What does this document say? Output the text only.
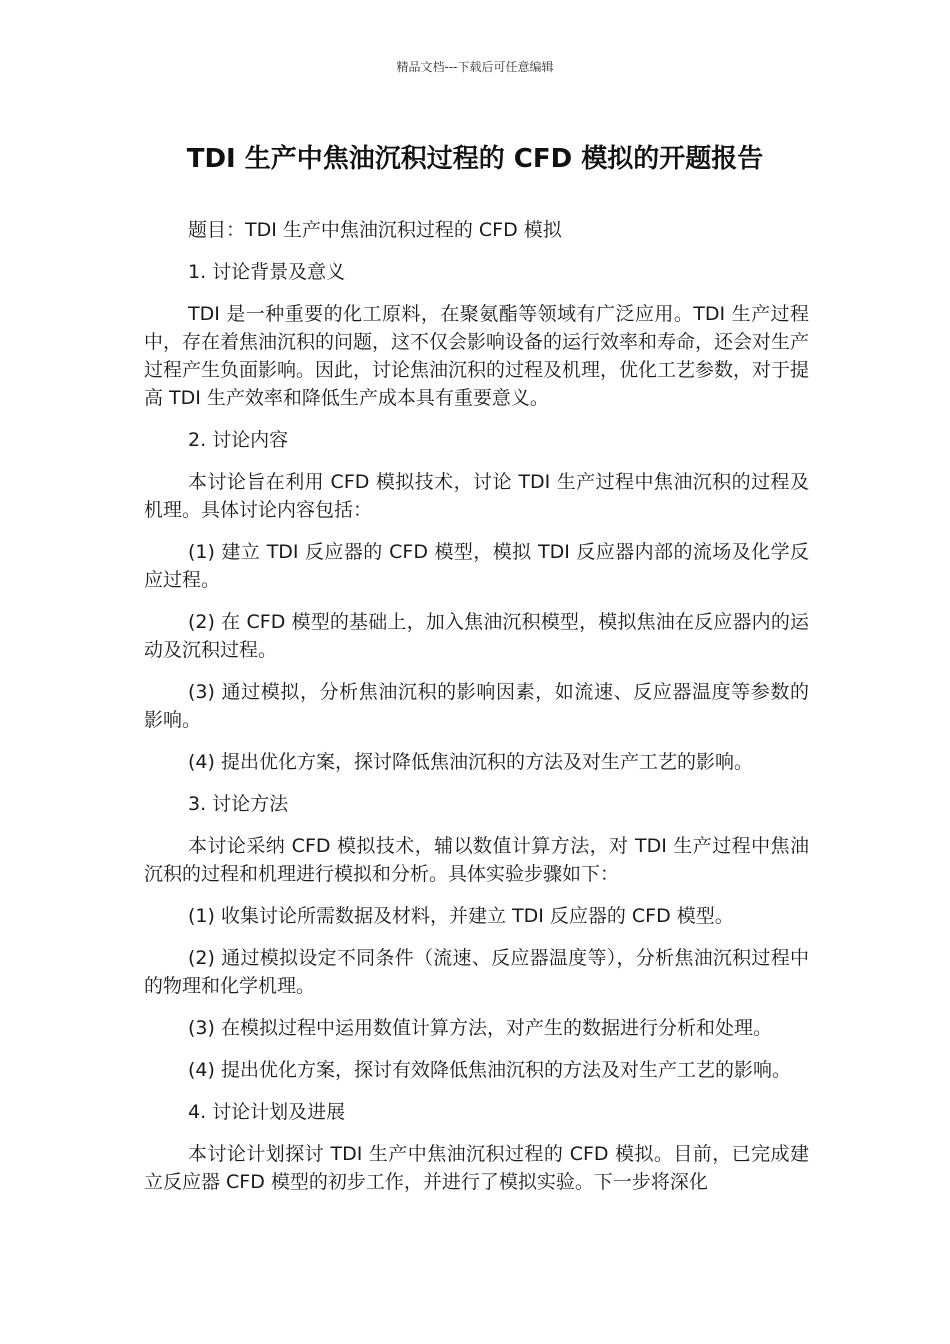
精品文档---下载后可任意编辑
TDI 生产中焦油沉积过程的 CFD 模拟的开题报告

题目：TDI 生产中焦油沉积过程的 CFD 模拟

1. 讨论背景及意义

TDI 是一种重要的化工原料，在聚氨酯等领域有广泛应用。TDI 生产过程中，存在着焦油沉积的问题，这不仅会影响设备的运行效率和寿命，还会对生产过程产生负面影响。因此，讨论焦油沉积的过程及机理，优化工艺参数，对于提高 TDI 生产效率和降低生产成本具有重要意义。

2. 讨论内容

本讨论旨在利用 CFD 模拟技术，讨论 TDI 生产过程中焦油沉积的过程及机理。具体讨论内容包括：

(1) 建立 TDI 反应器的 CFD 模型，模拟 TDI 反应器内部的流场及化学反应过程。

(2) 在 CFD 模型的基础上，加入焦油沉积模型，模拟焦油在反应器内的运动及沉积过程。

(3) 通过模拟，分析焦油沉积的影响因素，如流速、反应器温度等参数的影响。

(4) 提出优化方案，探讨降低焦油沉积的方法及对生产工艺的影响。

3. 讨论方法

本讨论采纳 CFD 模拟技术，辅以数值计算方法，对 TDI 生产过程中焦油沉积的过程和机理进行模拟和分析。具体实验步骤如下：

(1) 收集讨论所需数据及材料，并建立 TDI 反应器的 CFD 模型。

(2) 通过模拟设定不同条件（流速、反应器温度等），分析焦油沉积过程中的物理和化学机理。

(3) 在模拟过程中运用数值计算方法，对产生的数据进行分析和处理。

(4) 提出优化方案，探讨有效降低焦油沉积的方法及对生产工艺的影响。

4. 讨论计划及进展

本讨论计划探讨 TDI 生产中焦油沉积过程的 CFD 模拟。目前，已完成建立反应器 CFD 模型的初步工作，并进行了模拟实验。下一步将深化
